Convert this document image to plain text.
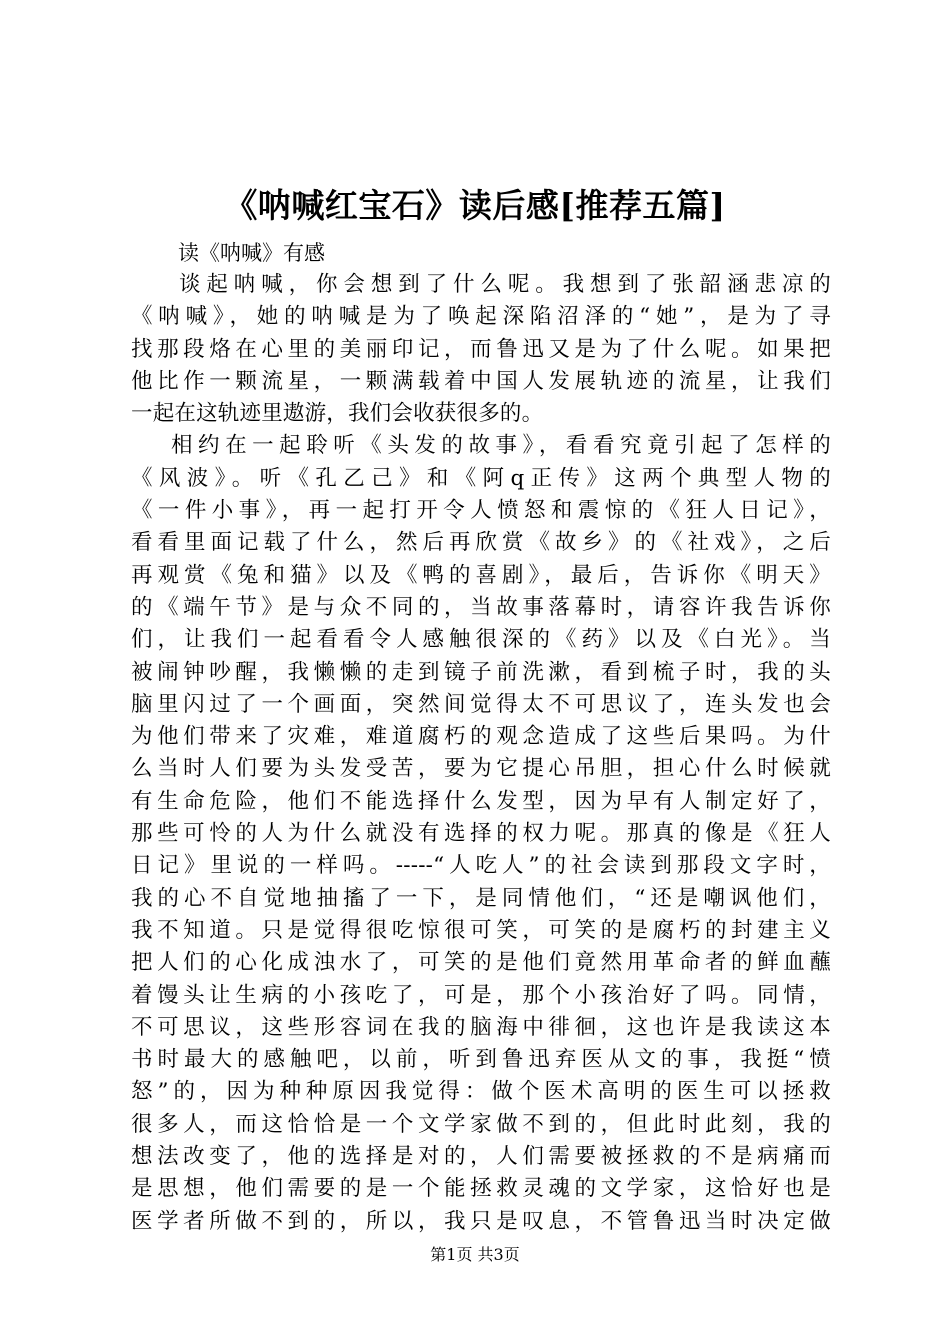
《呐喊红宝石》读后感[推荐五篇]
读《呐喊》有感
谈起呐喊，你会想到了什么呢。我想到了张韶涵悲凉的
《呐喊》，她的呐喊是为了唤起深陷沼泽的“她”，是为了寻
找那段烙在心里的美丽印记，而鲁迅又是为了什么呢。如果把
他比作一颗流星，一颗满载着中国人发展轨迹的流星，让我们
一起在这轨迹里遨游，我们会收获很多的。
相约在一起聆听《头发的故事》，看看究竟引起了怎样的
《风波》。听《孔乙己》和《阿q正传》这两个典型人物的
《一件小事》，再一起打开令人愤怒和震惊的《狂人日记》，
看看里面记载了什么，然后再欣赏《故乡》的《社戏》，之后
再观赏《兔和猫》以及《鸭的喜剧》，最后，告诉你《明天》
的《端午节》是与众不同的，当故事落幕时，请容许我告诉你
们，让我们一起看看令人感触很深的《药》以及《白光》。当
被闹钟吵醒，我懒懒的走到镜子前洗漱，看到梳子时，我的头
脑里闪过了一个画面，突然间觉得太不可思议了，连头发也会
为他们带来了灾难，难道腐朽的观念造成了这些后果吗。为什
么当时人们要为头发受苦，要为它提心吊胆，担心什么时候就
有生命危险，他们不能选择什么发型，因为早有人制定好了，
那些可怜的人为什么就没有选择的权力呢。那真的像是《狂人
日记》里说的一样吗。-----“人吃人”的社会读到那段文字时，
我的心不自觉地抽搐了一下，是同情他们，“还是嘲讽他们，
我不知道。只是觉得很吃惊很可笑，可笑的是腐朽的封建主义
把人们的心化成浊水了，可笑的是他们竟然用革命者的鲜血蘸
着馒头让生病的小孩吃了，可是，那个小孩治好了吗。同情，
不可思议，这些形容词在我的脑海中徘徊，这也许是我读这本
书时最大的感触吧，以前，听到鲁迅弃医从文的事，我挺“愤
怒”的，因为种种原因我觉得：做个医术高明的医生可以拯救
很多人，而这恰恰是一个文学家做不到的，但此时此刻，我的
想法改变了，他的选择是对的，人们需要被拯救的不是病痛而
是思想，他们需要的是一个能拯救灵魂的文学家，这恰好也是
医学者所做不到的，所以，我只是叹息，不管鲁迅当时决定做
第1页 共3页
